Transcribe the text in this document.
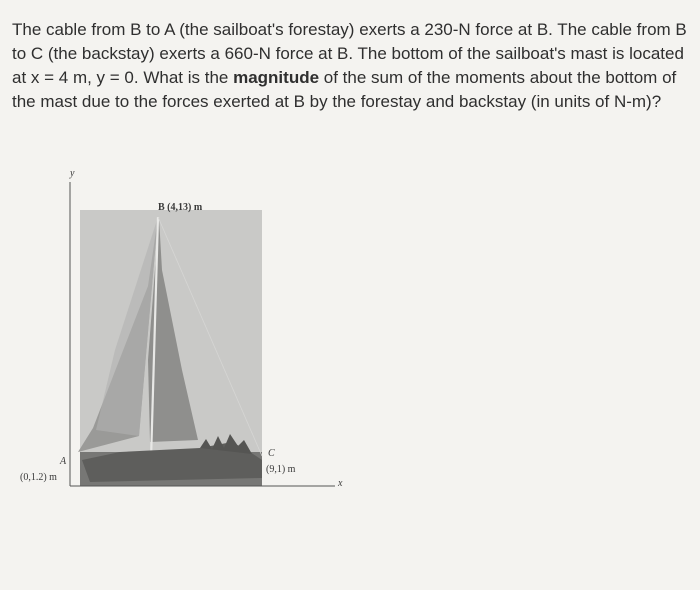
The cable from B to A (the sailboat's forestay) exerts a 230-N force at B. The cable from B to C (the backstay) exerts a 660-N force at B. The bottom of the sailboat's mast is located at x = 4 m, y = 0. What is the magnitude of the sum of the moments about the bottom of the mast due to the forces exerted at B by the forestay and backstay (in units of N-m)?
y
x
B (4,13) m
A
(0,1.2) m
C
(9,1) m
